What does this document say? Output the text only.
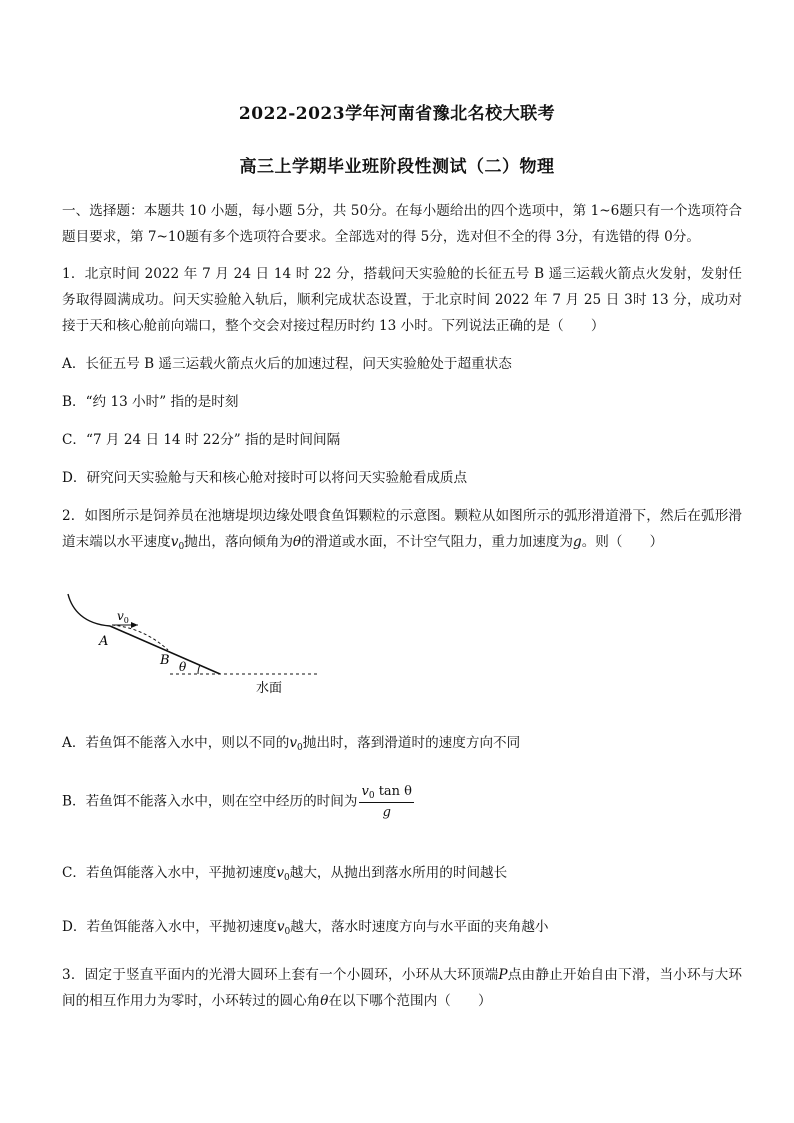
2022-2023学年河南省豫北名校大联考
高三上学期毕业班阶段性测试（二）物理
一、选择题：本题共 10 小题，每小题 5分，共 50分。在每小题给出的四个选项中，第 1~6题只有一个选项符合题目要求，第 7~10题有多个选项符合要求。全部选对的得 5分，选对但不全的得 3分，有选错的得 0分。
1．北京时间 2022 年 7 月 24 日 14 时 22 分，搭载问天实验舱的长征五号 B 遥三运载火箭点火发射，发射任务取得圆满成功。问天实验舱入轨后，顺利完成状态设置，于北京时间 2022 年 7 月 25 日 3时 13 分，成功对接于天和核心舱前向端口，整个交会对接过程历时约 13 小时。下列说法正确的是（　　）
A．长征五号 B 遥三运载火箭点火后的加速过程，问天实验舱处于超重状态
B．“约 13 小时” 指的是时刻
C．“7 月 24 日 14 时 22分” 指的是时间间隔
D．研究问天实验舱与天和核心舱对接时可以将问天实验舱看成质点
2．如图所示是饲养员在池塘堤坝边缘处喂食鱼饵颗粒的示意图。颗粒从如图所示的弧形滑道滑下，然后在弧形滑道末端以水平速度$v_0$抛出，落向倾角为θ的滑道或水面，不计空气阻力，重力加速度为g。则（　　）
$v_0$
A
B θ
水面
A．若鱼饵不能落入水中，则以不同的$v_0$抛出时，落到滑道时的速度方向不同
B．若鱼饵不能落入水中，则在空中经历的时间为 $\frac{v_0 \tan \theta}{g}$
C．若鱼饵能落入水中，平抛初速度$v_0$越大，从抛出到落水所用的时间越长
D．若鱼饵能落入水中，平抛初速度$v_0$越大，落水时速度方向与水平面的夹角越小
3．固定于竖直平面内的光滑大圆环上套有一个小圆环，小环从大环顶端P点由静止开始自由下滑，当小环与大环间的相互作用力为零时，小环转过的圆心角θ在以下哪个范围内（　　）
